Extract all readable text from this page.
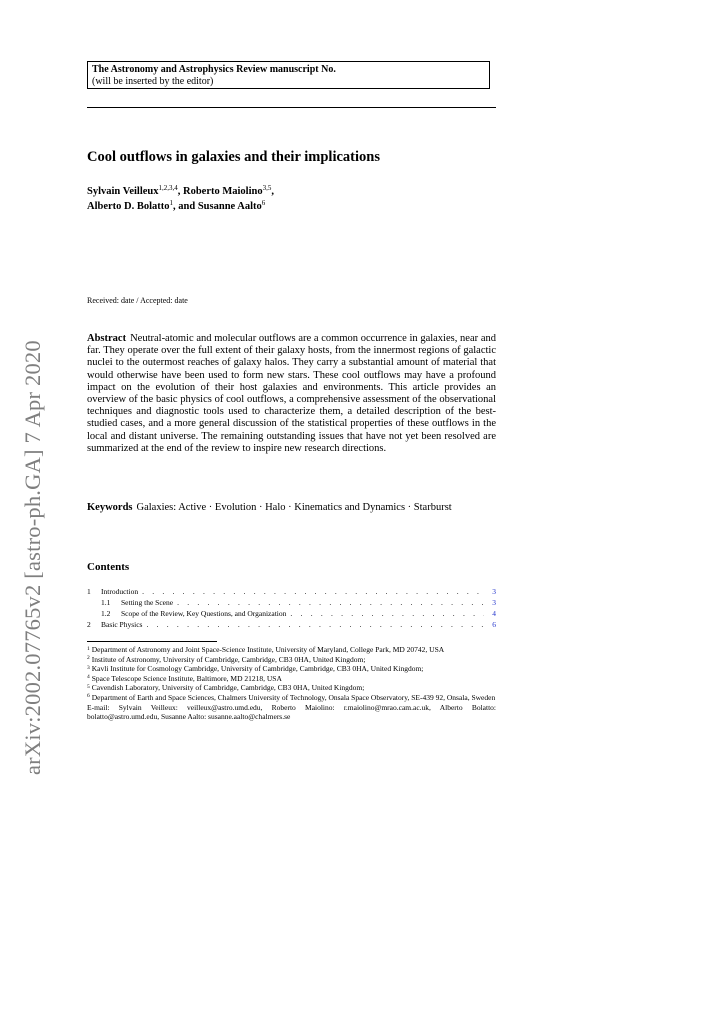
The Astronomy and Astrophysics Review manuscript No.
(will be inserted by the editor)
Cool outflows in galaxies and their implications
Sylvain Veilleux$^{1,2,3,4}$, Roberto Maiolino$^{3,5}$,
Alberto D. Bolatto$^1$, and Susanne Aalto$^6$
Received: date / Accepted: date
Abstract Neutral-atomic and molecular outflows are a common occurrence in galaxies, near and far. They operate over the full extent of their galaxy hosts, from the innermost regions of galactic nuclei to the outermost reaches of galaxy halos. They carry a substantial amount of material that would otherwise have been used to form new stars. These cool outflows may have a profound impact on the evolution of their host galaxies and environments. This article provides an overview of the basic physics of cool outflows, a comprehensive assessment of the observational techniques and diagnostic tools used to characterize them, a detailed description of the best-studied cases, and a more general discussion of the statistical properties of these outflows in the local and distant universe. The remaining outstanding issues that have not yet been resolved are summarized at the end of the review to inspire new research directions.
Keywords Galaxies: Active · Evolution · Halo · Kinematics and Dynamics · Starburst
Contents
1	Introduction . . .	3
1.1	Setting the Scene . . .	3
1.2	Scope of the Review, Key Questions, and Organization . . .	4
2	Basic Physics . . .	6

$^1$ Department of Astronomy and Joint Space-Science Institute, University of Maryland, College Park, MD 20742, USA

$^2$ Institute of Astronomy, University of Cambridge, Cambridge, CB3 0HA, United Kingdom;

$^3$ Kavli Institute for Cosmology Cambridge, University of Cambridge, Cambridge, CB3 0HA, United Kingdom;

$^4$ Space Telescope Science Institute, Baltimore, MD 21218, USA

$^5$ Cavendish Laboratory, University of Cambridge, Cambridge, CB3 0HA, United Kingdom;

$^6$ Department of Earth and Space Sciences, Chalmers University of Technology, Onsala Space Observatory, SE-439 92, Onsala, Sweden

E-mail: Sylvain Veilleux: veilleux@astro.umd.edu, Roberto Maiolino: r.maiolino@mrao.cam.ac.uk, Alberto Bolatto: bolatto@astro.umd.edu, Susanne Aalto: susanne.aalto@chalmers.se

arXiv:2002.07765v2 [astro-ph.GA] 7 Apr 2020
